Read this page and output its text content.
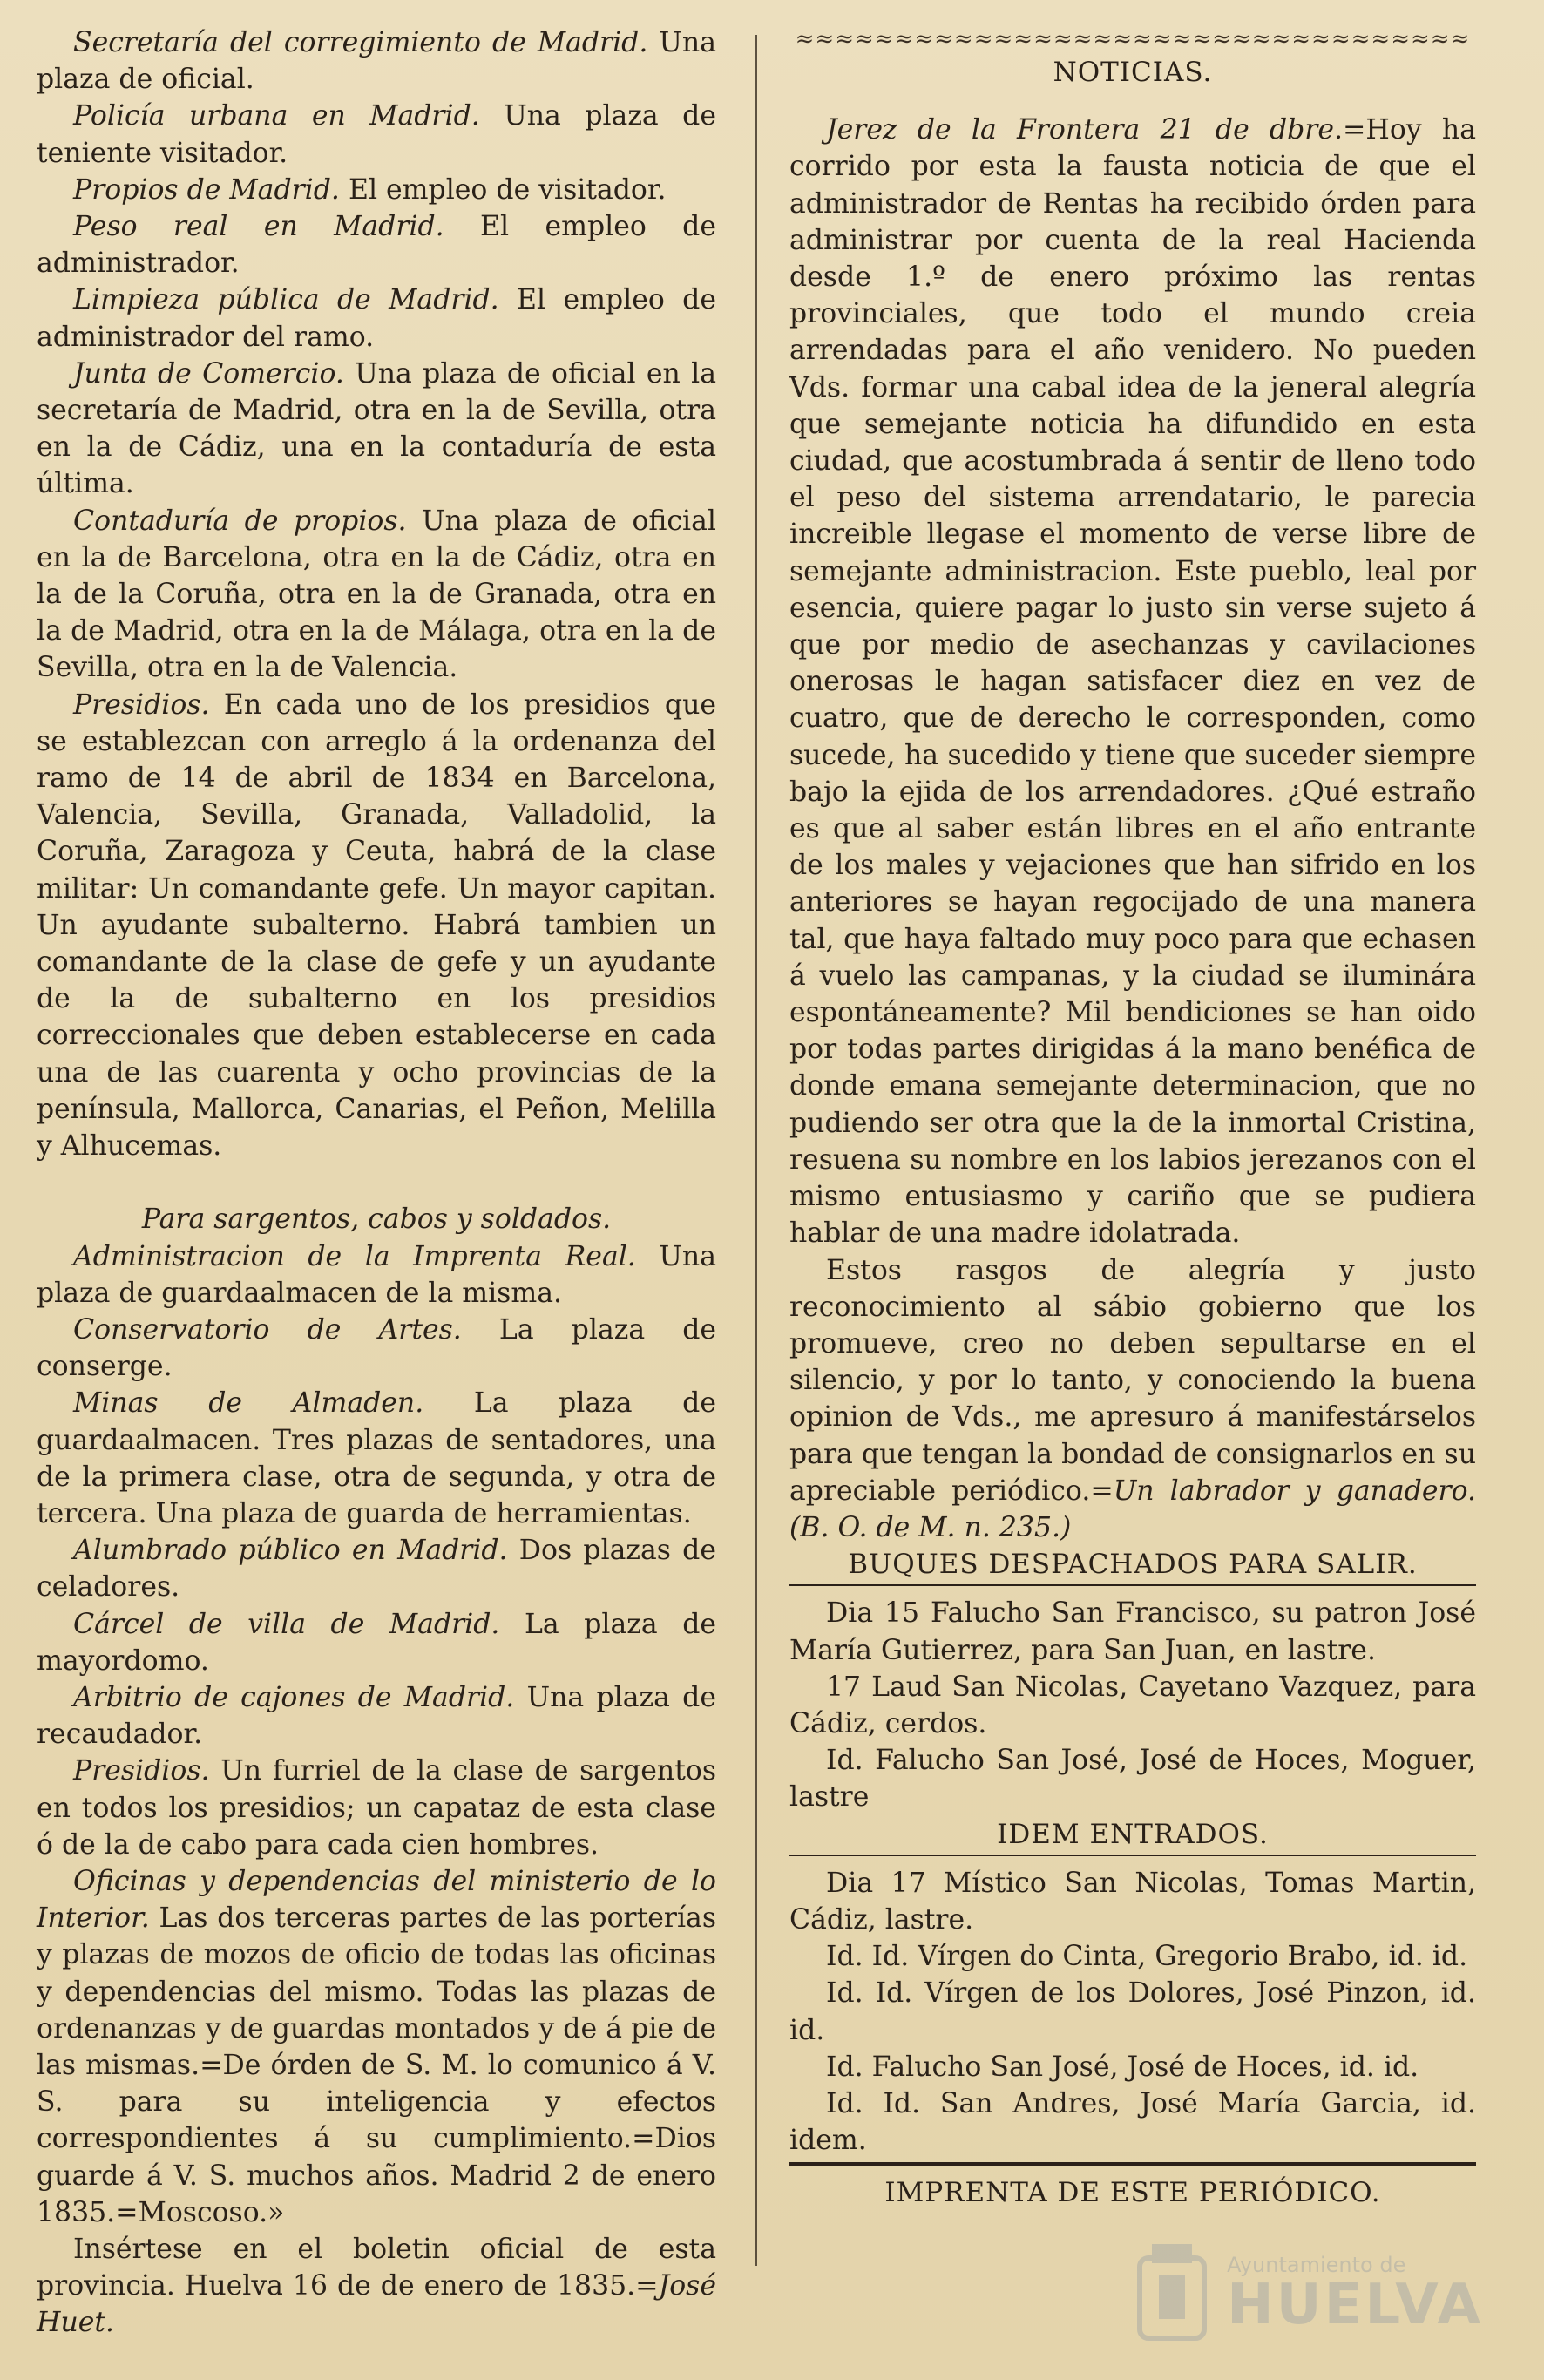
Secretaría del corregimiento de Madrid. Una plaza de oficial.

Policía urbana en Madrid. Una plaza de teniente visitador.

Propios de Madrid. El empleo de visitador.

Peso real en Madrid. El empleo de administrador.

Limpieza pública de Madrid. El empleo de administrador del ramo.

Junta de Comercio. Una plaza de oficial en la secretaría de Madrid, otra en la de Sevilla, otra en la de Cádiz, una en la contaduría de esta última.

Contaduría de propios. Una plaza de oficial en la de Barcelona, otra en la de Cádiz, otra en la de la Coruña, otra en la de Granada, otra en la de Madrid, otra en la de Málaga, otra en la de Sevilla, otra en la de Valencia.

Presidios. En cada uno de los presidios que se establezcan con arreglo á la ordenanza del ramo de 14 de abril de 1834 en Barcelona, Valencia, Sevilla, Granada, Valladolid, la Coruña, Zaragoza y Ceuta, habrá de la clase militar: Un comandante gefe. Un mayor capitan. Un ayudante subalterno. Habrá tambien un comandante de la clase de gefe y un ayudante de la de subalterno en los presidios correccionales que deben establecerse en cada una de las cuarenta y ocho provincias de la península, Mallorca, Canarias, el Peñon, Melilla y Alhucemas.

Para sargentos, cabos y soldados.

Administracion de la Imprenta Real. Una plaza de guardaalmacen de la misma.

Conservatorio de Artes. La plaza de conserge.

Minas de Almaden. La plaza de guardaalmacen. Tres plazas de sentadores, una de la primera clase, otra de segunda, y otra de tercera. Una plaza de guarda de herramientas.

Alumbrado público en Madrid. Dos plazas de celadores.

Cárcel de villa de Madrid. La plaza de mayordomo.

Arbitrio de cajones de Madrid. Una plaza de recaudador.

Presidios. Un furriel de la clase de sargentos en todos los presidios; un capataz de esta clase ó de la de cabo para cada cien hombres.

Oficinas y dependencias del ministerio de lo Interior. Las dos terceras partes de las porterías y plazas de mozos de oficio de todas las oficinas y dependencias del mismo. Todas las plazas de ordenanzas y de guardas montados y de á pie de las mismas.=De órden de S. M. lo comunico á V. S. para su inteligencia y efectos correspondientes á su cumplimiento.=Dios guarde á V. S. muchos años. Madrid 2 de enero 1835.=Moscoso.»

Insértese en el boletin oficial de esta provincia. Huelva 16 de de enero de 1835.=José Huet.

≈≈≈≈≈≈≈≈≈≈≈≈≈≈≈≈≈≈≈≈≈≈≈≈≈≈≈≈≈≈≈≈≈≈

NOTICIAS.

Jerez de la Frontera 21 de dbre.=Hoy ha corrido por esta la fausta noticia de que el administrador de Rentas ha recibido órden para administrar por cuenta de la real Hacienda desde 1.º de enero próximo las rentas provinciales, que todo el mundo creia arrendadas para el año venidero. No pueden Vds. formar una cabal idea de la jeneral alegría que semejante noticia ha difundido en esta ciudad, que acostumbrada á sentir de lleno todo el peso del sistema arrendatario, le parecia increible llegase el momento de verse libre de semejante administracion. Este pueblo, leal por esencia, quiere pagar lo justo sin verse sujeto á que por medio de asechanzas y cavilaciones onerosas le hagan satisfacer diez en vez de cuatro, que de derecho le corresponden, como sucede, ha sucedido y tiene que suceder siempre bajo la ejida de los arrendadores. ¿Qué estraño es que al saber están libres en el año entrante de los males y vejaciones que han sifrido en los anteriores se hayan regocijado de una manera tal, que haya faltado muy poco para que echasen á vuelo las campanas, y la ciudad se iluminára espontáneamente? Mil bendiciones se han oido por todas partes dirigidas á la mano benéfica de donde emana semejante determinacion, que no pudiendo ser otra que la de la inmortal Cristina, resuena su nombre en los labios jerezanos con el mismo entusiasmo y cariño que se pudiera hablar de una madre idolatrada.

Estos rasgos de alegría y justo reconocimiento al sábio gobierno que los promueve, creo no deben sepultarse en el silencio, y por lo tanto, y conociendo la buena opinion de Vds., me apresuro á manifestárselos para que tengan la bondad de consignarlos en su apreciable periódico.=Un labrador y ganadero. (B. O. de M. n. 235.)

BUQUES DESPACHADOS PARA SALIR.

Dia 15 Falucho San Francisco, su patron José María Gutierrez, para San Juan, en lastre.

17 Laud San Nicolas, Cayetano Vazquez, para Cádiz, cerdos.

Id. Falucho San José, José de Hoces, Moguer, lastre

IDEM ENTRADOS.

Dia 17 Místico San Nicolas, Tomas Martin, Cádiz, lastre.

Id. Id. Vírgen do Cinta, Gregorio Brabo, id. id.

Id. Id. Vírgen de los Dolores, José Pinzon, id. id.

Id. Falucho San José, José de Hoces, id. id.

Id. Id. San Andres, José María Garcia, id. idem.

IMPRENTA DE ESTE PERIÓDICO.

Ayuntamiento de
HUELVA
